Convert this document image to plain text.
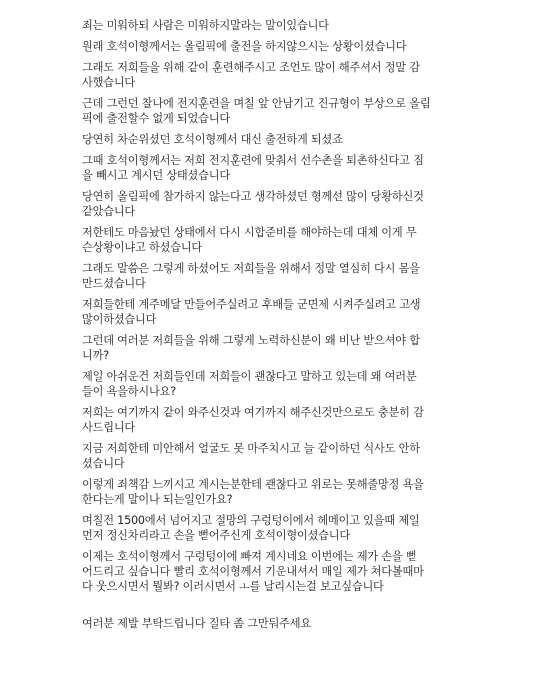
죄는 미워하되 사람은 미워하지말라는 말이있습니다
원래 호석이형께서는 올림픽에 출전을 하지않으시는 상황이셨습니다
그래도 저희들을 위해 같이 훈련해주시고 조언도 많이 해주셔서 정말 감
사했습니다
근데 그런던 찰나에 전지훈련을 며칠 앞 안남기고 진규형이 부상으로 올림
픽에 출전할수 없게 되었습니다
당연히 차순위셨던 호석이형께서 대신 출전하게 되셨죠
그때 호석이형께서는 저희 전지훈련에 맞춰서 선수촌을 퇴촌하신다고 짐
을 빼시고 계시던 상태셨습니다
당연히 올림픽에 참가하지 않는다고 생각하셨던 형께선 많이 당황하신것
같았습니다
저한테도 마음놨던 상태에서 다시 시합준비를 해야하는데 대체 이게 무
슨상황이냐고 하셨습니다
그래도 말씀은 그렇게 하셨어도 저희들을 위해서 정말 열심히 다시 몸을
만드셨습니다
저희들한테 계주메달 만들어주실려고 후배들 군면제 시켜주실려고 고생
많이하셨습니다
그런데 여러분 저희들을 위해 그렇게 노력하신분이 왜 비난 받으셔야 합
니까?
제일 아쉬운건 저희들인데 저희들이 괜찮다고 말하고 있는데 왜 여러분
들이 욕을하시나요?
저희는 여기까지 같이 와주신것과 여기까지 해주신것만으로도 충분히 감
사드립니다
지금 저희한테 미안해서 얼굴도 못 마주치시고 늘 같이하던 식사도 안하
셨습니다
이렇게 죄책감 느끼시고 계시는분한테 괜찮다고 위로는 못해줄망정 욕을
한다는게 말이나 되는일인가요?
며칠전 1500에서 넘어지고 절망의 구렁텅이에서 헤메이고 있을때 제일
먼저 정신차리라고 손을 뻗어주신게 호석이형이셨습니다
이제는 호석이형께서 구렁텅이에 빠져 계시네요 이번에는 제가 손을 뻗
어드리고 싶습니다 빨리 호석이형께서 기운내셔서 매일 제가 쳐다볼때마
다 웃으시면서 뭘봐? 이러시면서 ㅗ를 날리시는걸 보고싶습니다
여러분 제발 부탁드립니다 질타 좀 그만둬주세요
